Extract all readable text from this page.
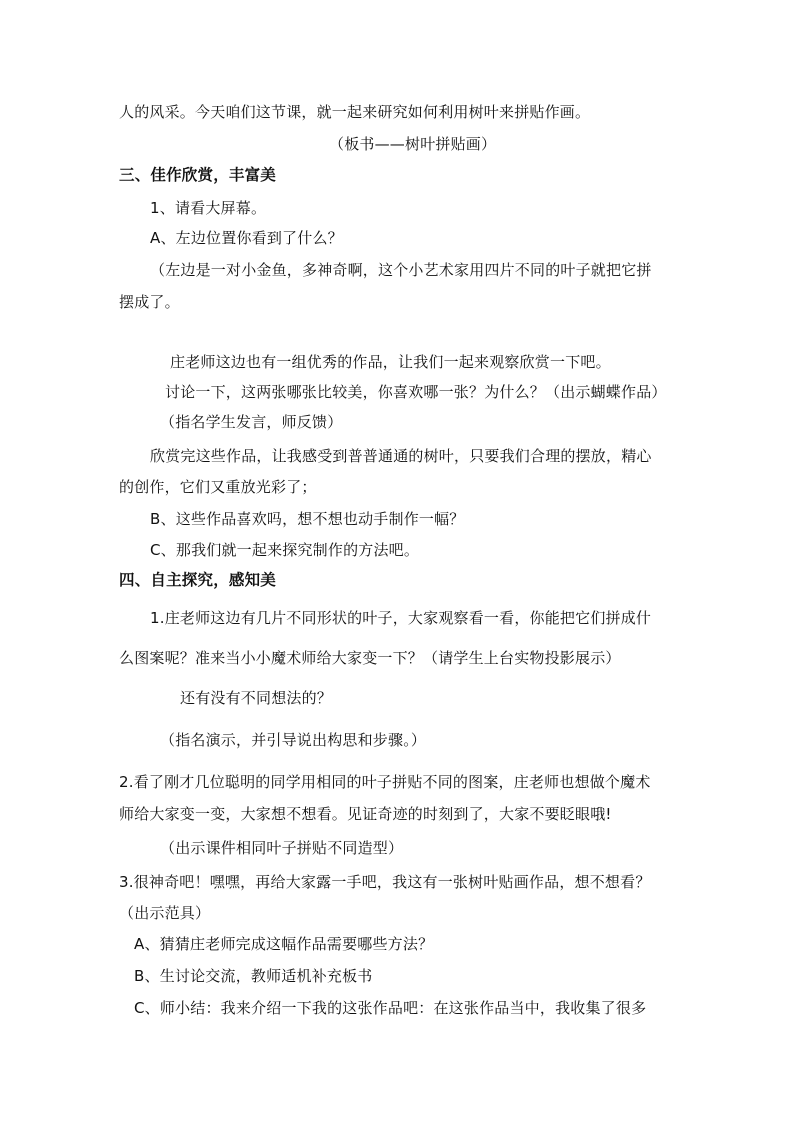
人的风采。今天咱们这节课，就一起来研究如何利用树叶来拼贴作画。
（板书——树叶拼贴画）
三、佳作欣赏，丰富美
1、请看大屏幕。
A、左边位置你看到了什么？
（左边是一对小金鱼，多神奇啊，这个小艺术家用四片不同的叶子就把它拼
摆成了。
庄老师这边也有一组优秀的作品，让我们一起来观察欣赏一下吧。
讨论一下，这两张哪张比较美，你喜欢哪一张？为什么？（出示蝴蝶作品）
（指名学生发言，师反馈）
欣赏完这些作品，让我感受到普普通通的树叶，只要我们合理的摆放，精心
的创作，它们又重放光彩了；
B、这些作品喜欢吗，想不想也动手制作一幅？
C、那我们就一起来探究制作的方法吧。
四、自主探究，感知美
1.庄老师这边有几片不同形状的叶子，大家观察看一看，你能把它们拼成什
么图案呢？准来当小小魔术师给大家变一下？（请学生上台实物投影展示）
还有没有不同想法的？
（指名演示，并引导说出构思和步骤。）
2.看了刚才几位聪明的同学用相同的叶子拼贴不同的图案，庄老师也想做个魔术
师给大家变一变，大家想不想看。见证奇迹的时刻到了，大家不要眨眼哦!
（出示课件相同叶子拼贴不同造型）
3.很神奇吧！嘿嘿，再给大家露一手吧，我这有一张树叶贴画作品，想不想看？
（出示范具）
A、猜猜庄老师完成这幅作品需要哪些方法？
B、生讨论交流，教师适机补充板书
C、师小结：我来介绍一下我的这张作品吧：在这张作品当中，我收集了很多
